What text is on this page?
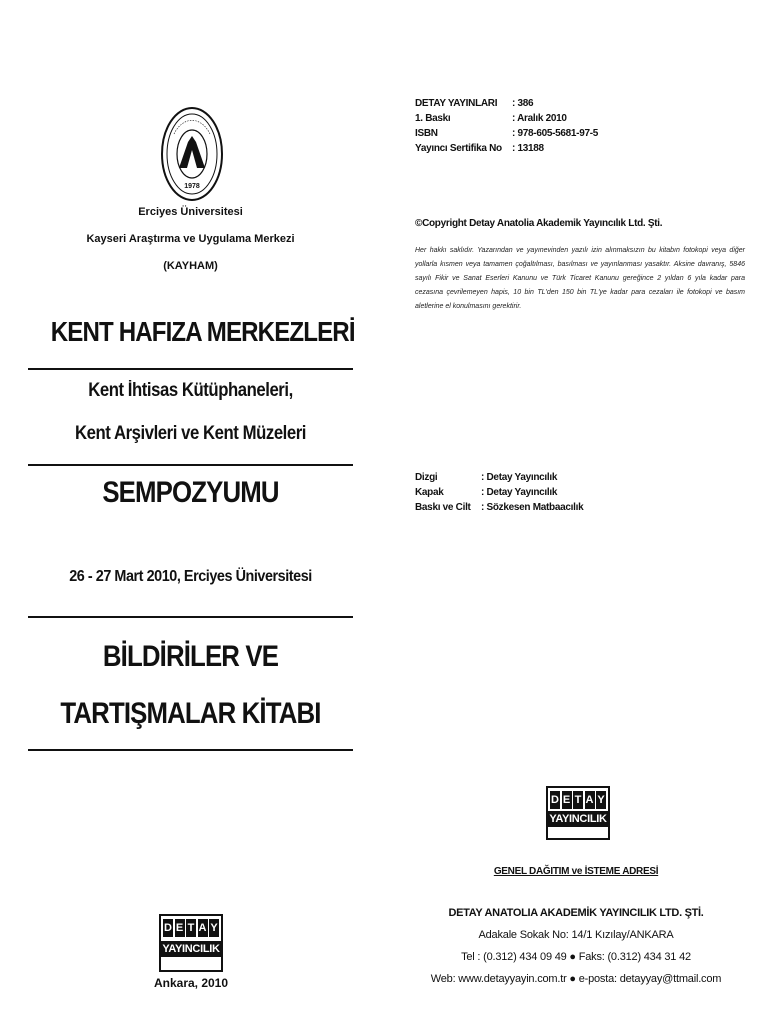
1978
Erciyes Üniversitesi
Kayseri Araştırma ve Uygulama Merkezi
(KAYHAM)
KENT HAFIZA MERKEZLERİ
Kent İhtisas Kütüphaneleri,
Kent Arşivleri ve Kent Müzeleri
SEMPOZYUMU
26 - 27 Mart 2010, Erciyes Üniversitesi
BİLDİRİLER VE
TARTIŞMALAR KİTABI
D E T A Y
YAYINCILIK
Ankara, 2010
DETAY YAYINLARI	: 386
1. Baskı	: Aralık 2010
ISBN	: 978-605-5681-97-5
Yayıncı Sertifika No	: 13188
©Copyright Detay Anatolia Akademik Yayıncılık Ltd. Şti.
Her hakkı saklıdır. Yazarından ve yayınevinden yazılı izin alınmaksızın bu kitabın fotokopi veya diğer yollarla kısmen veya tamamen çoğaltılması, basılması ve yayınlanması yasaktır. Aksine davranış, 5846 sayılı Fikir ve Sanat Eserleri Kanunu ve Türk Ticaret Kanunu gereğince 2 yıldan 6 yıla kadar para cezasına çevrilemeyen hapis, 10 bin TL'den 150 bin TL'ye kadar para cezaları ile fotokopi ve basım aletlerine el konulmasını gerektirir.
Dizgi	: Detay Yayıncılık
Kapak	: Detay Yayıncılık
Baskı ve Cilt	: Sözkesen Matbaacılık
D E T A Y
YAYINCILIK
GENEL DAĞITIM ve İSTEME ADRESİ
DETAY ANATOLIA AKADEMİK YAYINCILIK LTD. ŞTİ.
Adakale Sokak No: 14/1 Kızılay/ANKARA
Tel : (0.312) 434 09 49 ● Faks: (0.312) 434 31 42
Web: www.detayyayin.com.tr ● e-posta: detayyay@ttmail.com
